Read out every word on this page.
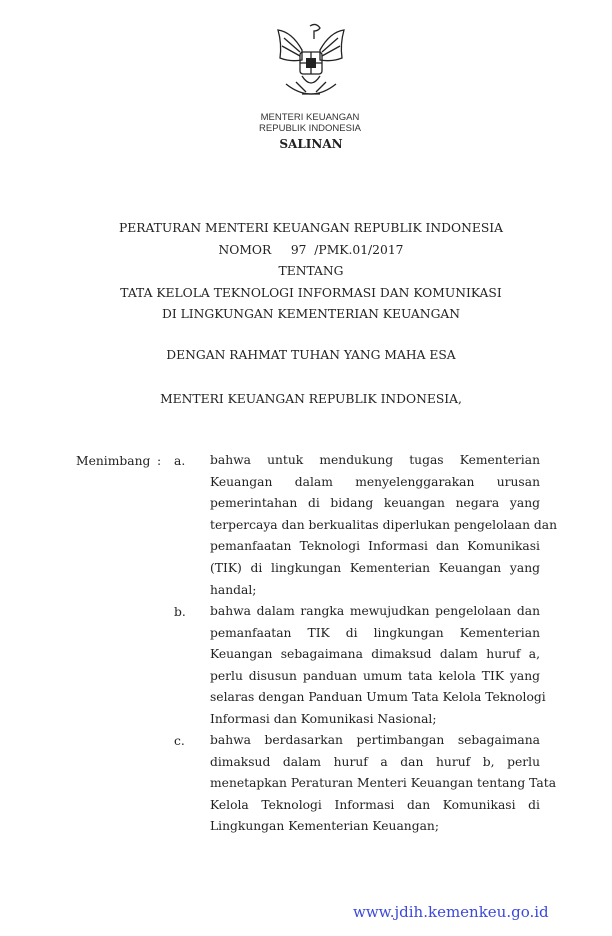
MENTERI KEUANGAN
REPUBLIK INDONESIA
SALINAN
PERATURAN MENTERI KEUANGAN REPUBLIK INDONESIA
NOMOR     97  /PMK.01/2017
TENTANG
TATA KELOLA TEKNOLOGI INFORMASI DAN KOMUNIKASI
DI LINGKUNGAN KEMENTERIAN KEUANGAN
DENGAN RAHMAT TUHAN YANG MAHA ESA
MENTERI KEUANGAN REPUBLIK INDONESIA,
Menimbang : a.
b.
c.
bahwa untuk mendukung tugas Kementerian
Keuangan dalam menyelenggarakan urusan
pemerintahan di bidang keuangan negara yang
terpercaya dan berkualitas diperlukan pengelolaan dan
pemanfaatan Teknologi Informasi dan Komunikasi
(TIK) di lingkungan Kementerian Keuangan yang
handal;
bahwa dalam rangka mewujudkan pengelolaan dan
pemanfaatan TIK di lingkungan Kementerian
Keuangan sebagaimana dimaksud dalam huruf a,
perlu disusun panduan umum tata kelola TIK yang
selaras dengan Panduan Umum Tata Kelola Teknologi
Informasi dan Komunikasi Nasional;
bahwa berdasarkan pertimbangan sebagaimana
dimaksud dalam huruf a dan huruf b, perlu
menetapkan Peraturan Menteri Keuangan tentang Tata
Kelola Teknologi Informasi dan Komunikasi di
Lingkungan Kementerian Keuangan;
www.jdih.kemenkeu.go.id
